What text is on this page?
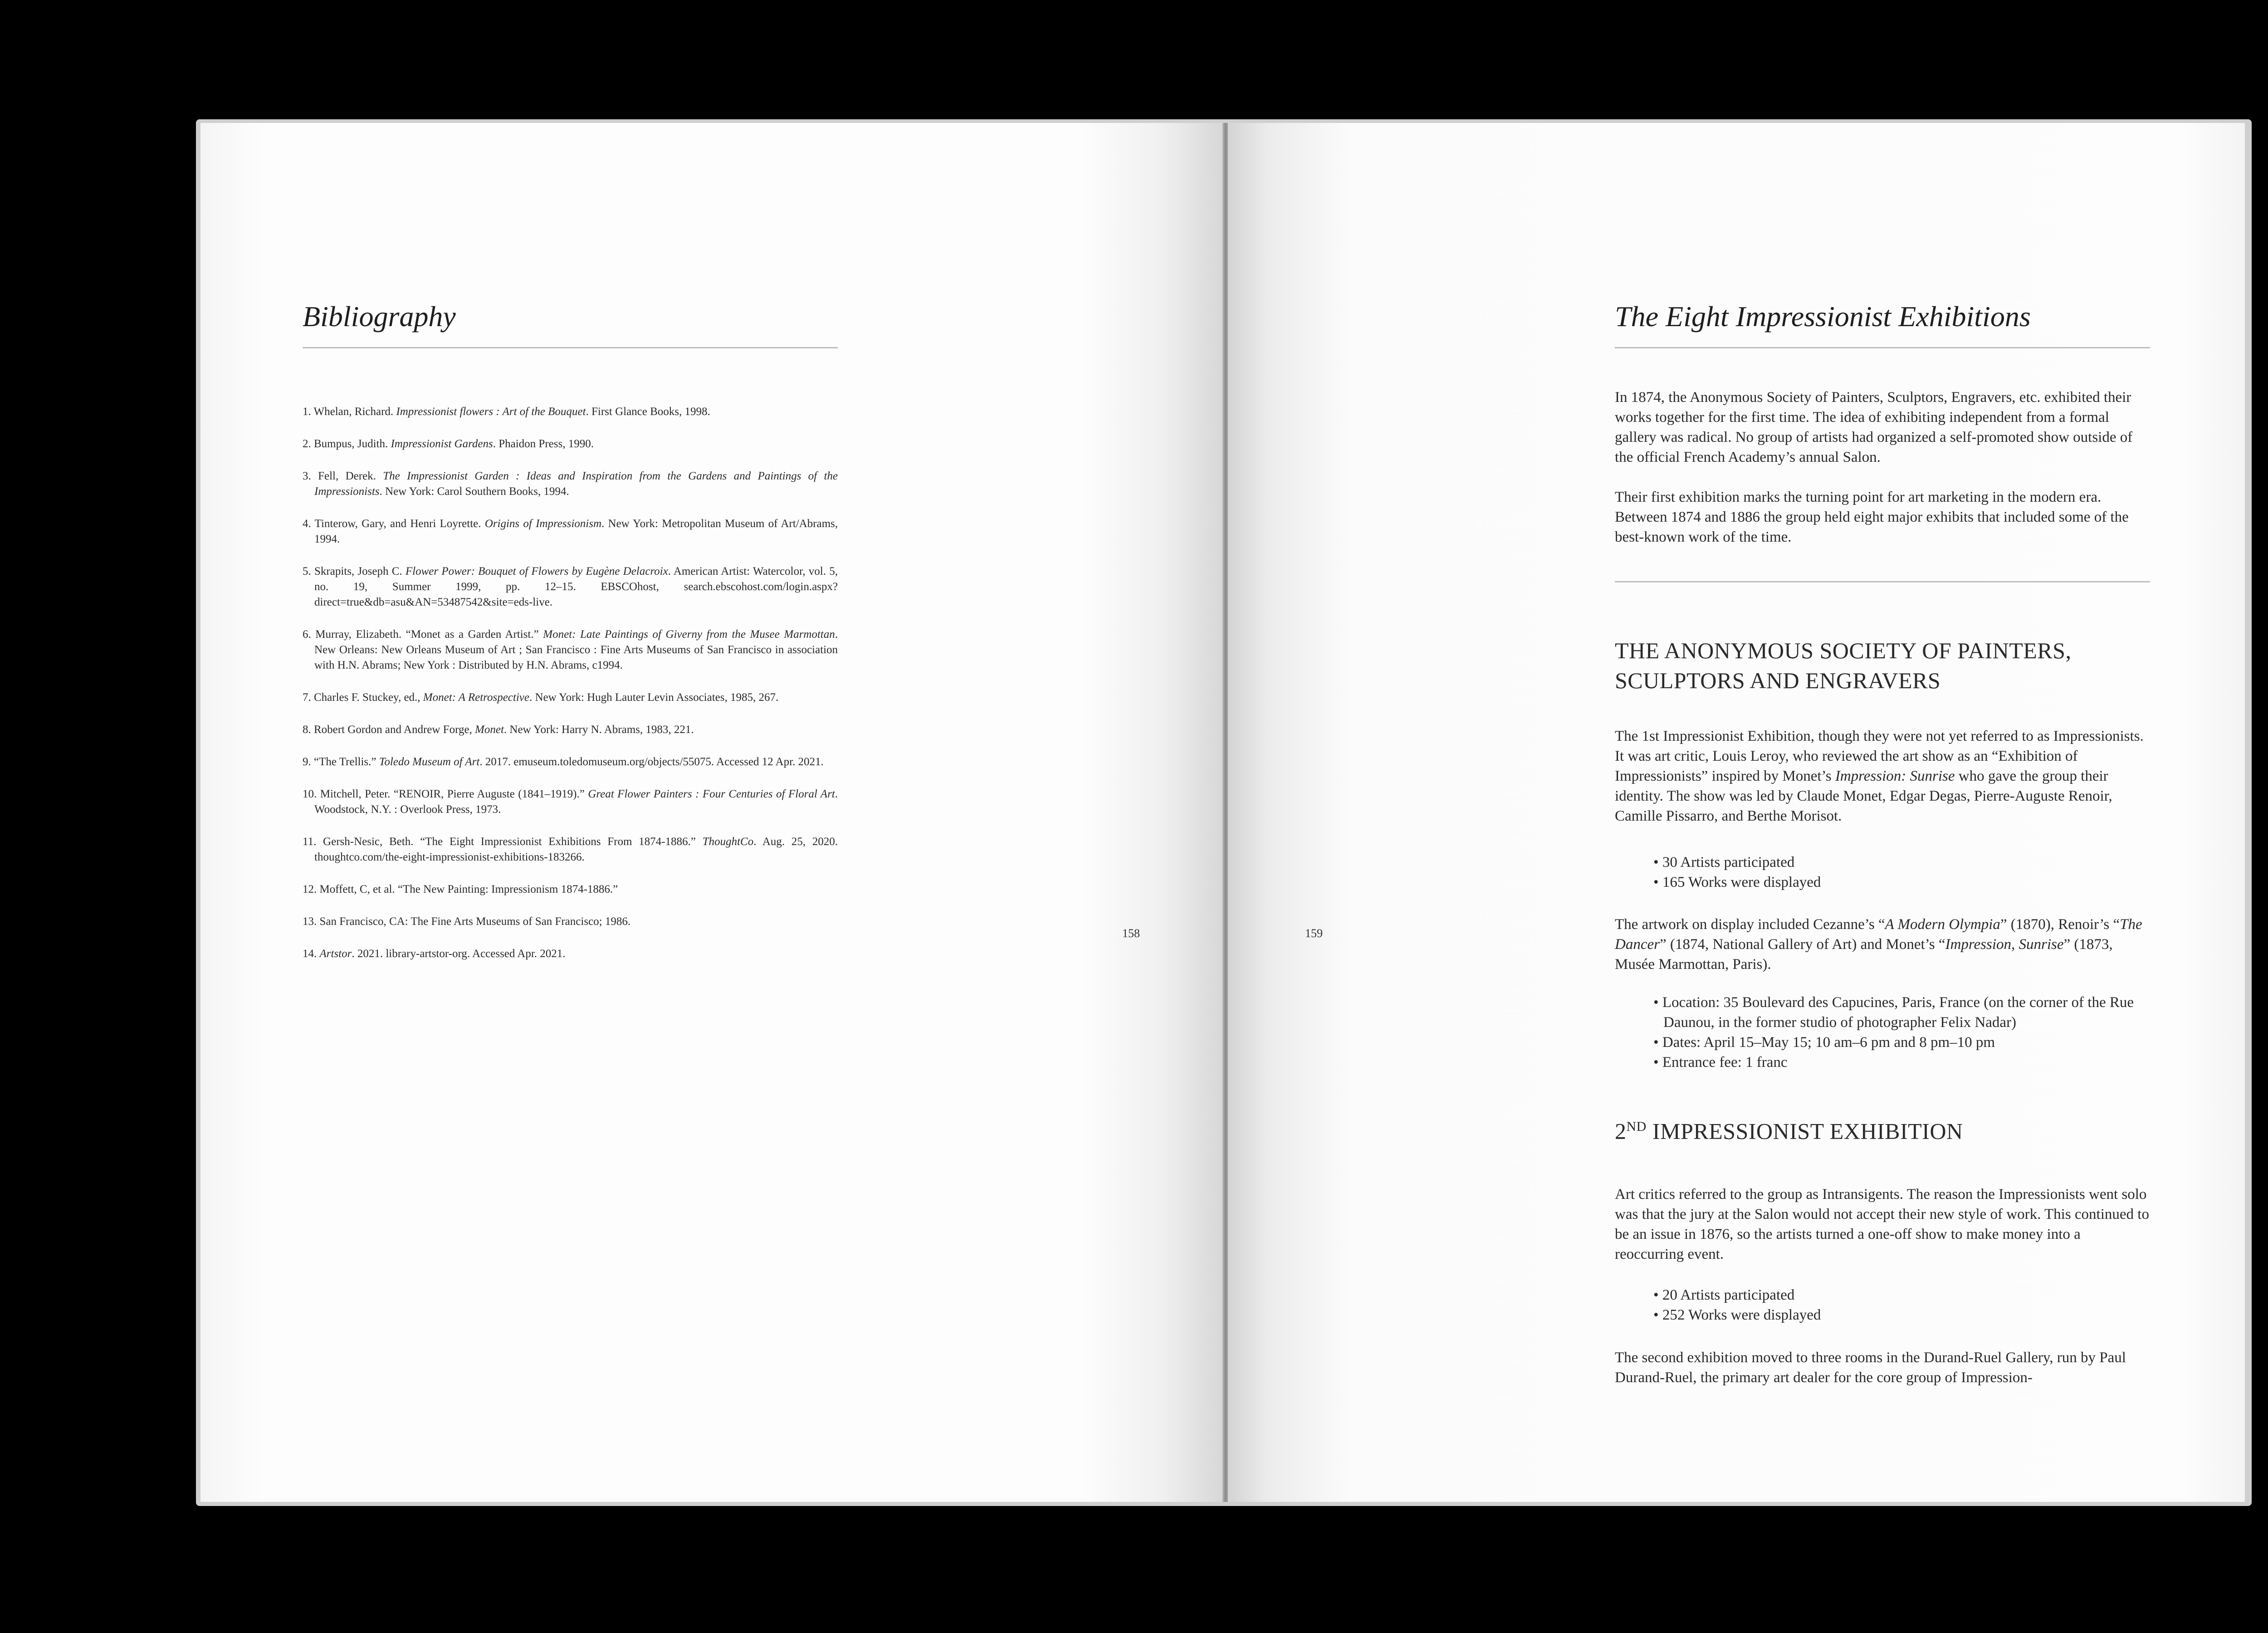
Bibliography
1. Whelan, Richard. Impressionist flowers : Art of the Bouquet. First Glance Books, 1998.
2. Bumpus, Judith. Impressionist Gardens. Phaidon Press, 1990.
3. Fell, Derek. The Impressionist Garden : Ideas and Inspiration from the Gardens and Paintings of the Impressionists. New York: Carol Southern Books, 1994.
4. Tinterow, Gary, and Henri Loyrette. Origins of Impressionism. New York: Metropolitan Museum of Art/Abrams, 1994.
5. Skrapits, Joseph C. Flower Power: Bouquet of Flowers by Eugène Delacroix. American Artist: Watercolor, vol. 5, no. 19, Summer 1999, pp. 12–15. EBSCOhost, search.ebscohost.com/login.aspx?direct=true&db=asu&AN=53487542&site=eds-live.
6. Murray, Elizabeth. “Monet as a Garden Artist.” Monet: Late Paintings of Giverny from the Musee Marmottan. New Orleans: New Orleans Museum of Art ; San Francisco : Fine Arts Museums of San Francisco in association with H.N. Abrams; New York : Distributed by H.N. Abrams, c1994.
7. Charles F. Stuckey, ed., Monet: A Retrospective. New York: Hugh Lauter Levin Associates, 1985, 267.
8. Robert Gordon and Andrew Forge, Monet. New York: Harry N. Abrams, 1983, 221.
9. “The Trellis.” Toledo Museum of Art. 2017. emuseum.toledomuseum.org/objects/55075. Accessed 12 Apr. 2021.
10. Mitchell, Peter. “RENOIR, Pierre Auguste (1841–1919).” Great Flower Painters : Four Centuries of Floral Art. Woodstock, N.Y. : Overlook Press, 1973.
11. Gersh-Nesic, Beth. “The Eight Impressionist Exhibitions From 1874-1886.” ThoughtCo. Aug. 25, 2020. thoughtco.com/the-eight-impressionist-exhibitions-183266.
12. Moffett, C, et al. “The New Painting: Impressionism 1874-1886.”
13. San Francisco, CA: The Fine Arts Museums of San Francisco; 1986.
14. Artstor. 2021. library-artstor-org. Accessed Apr. 2021.
158	159
The Eight Impressionist Exhibitions

In 1874, the Anonymous Society of Painters, Sculptors, Engravers, etc. exhibited their works together for the first time. The idea of exhibiting independent from a formal gallery was radical. No group of artists had organized a self-promoted show outside of the official French Academy’s annual Salon.

Their first exhibition marks the turning point for art marketing in the modern era. Between 1874 and 1886 the group held eight major exhibits that included some of the best-known work of the time.

THE ANONYMOUS SOCIETY OF PAINTERS, SCULPTORS AND ENGRAVERS

The 1st Impressionist Exhibition, though they were not yet referred to as Impressionists. It was art critic, Louis Leroy, who reviewed the art show as an “Exhibition of Impressionists” inspired by Monet’s Impression: Sunrise who gave the group their identity. The show was led by Claude Monet, Edgar Degas, Pierre-Auguste Renoir, Camille Pissarro, and Berthe Morisot.

• 30 Artists participated
• 165 Works were displayed

The artwork on display included Cezanne’s “A Modern Olympia” (1870), Renoir’s “The Dancer” (1874, National Gallery of Art) and Monet’s “Impression, Sunrise” (1873, Musée Marmottan, Paris).

• Location: 35 Boulevard des Capucines, Paris, France (on the corner of the Rue Daunou, in the former studio of photographer Felix Nadar)
• Dates: April 15–May 15; 10 am–6 pm and 8 pm–10 pm
• Entrance fee: 1 franc
2ND IMPRESSIONIST EXHIBITION

Art critics referred to the group as Intransigents. The reason the Impressionists went solo was that the jury at the Salon would not accept their new style of work. This continued to be an issue in 1876, so the artists turned a one-off show to make money into a reoccurring event.

• 20 Artists participated
• 252 Works were displayed

The second exhibition moved to three rooms in the Durand-Ruel Gallery, run by Paul Durand-Ruel, the primary art dealer for the core group of Impression-
